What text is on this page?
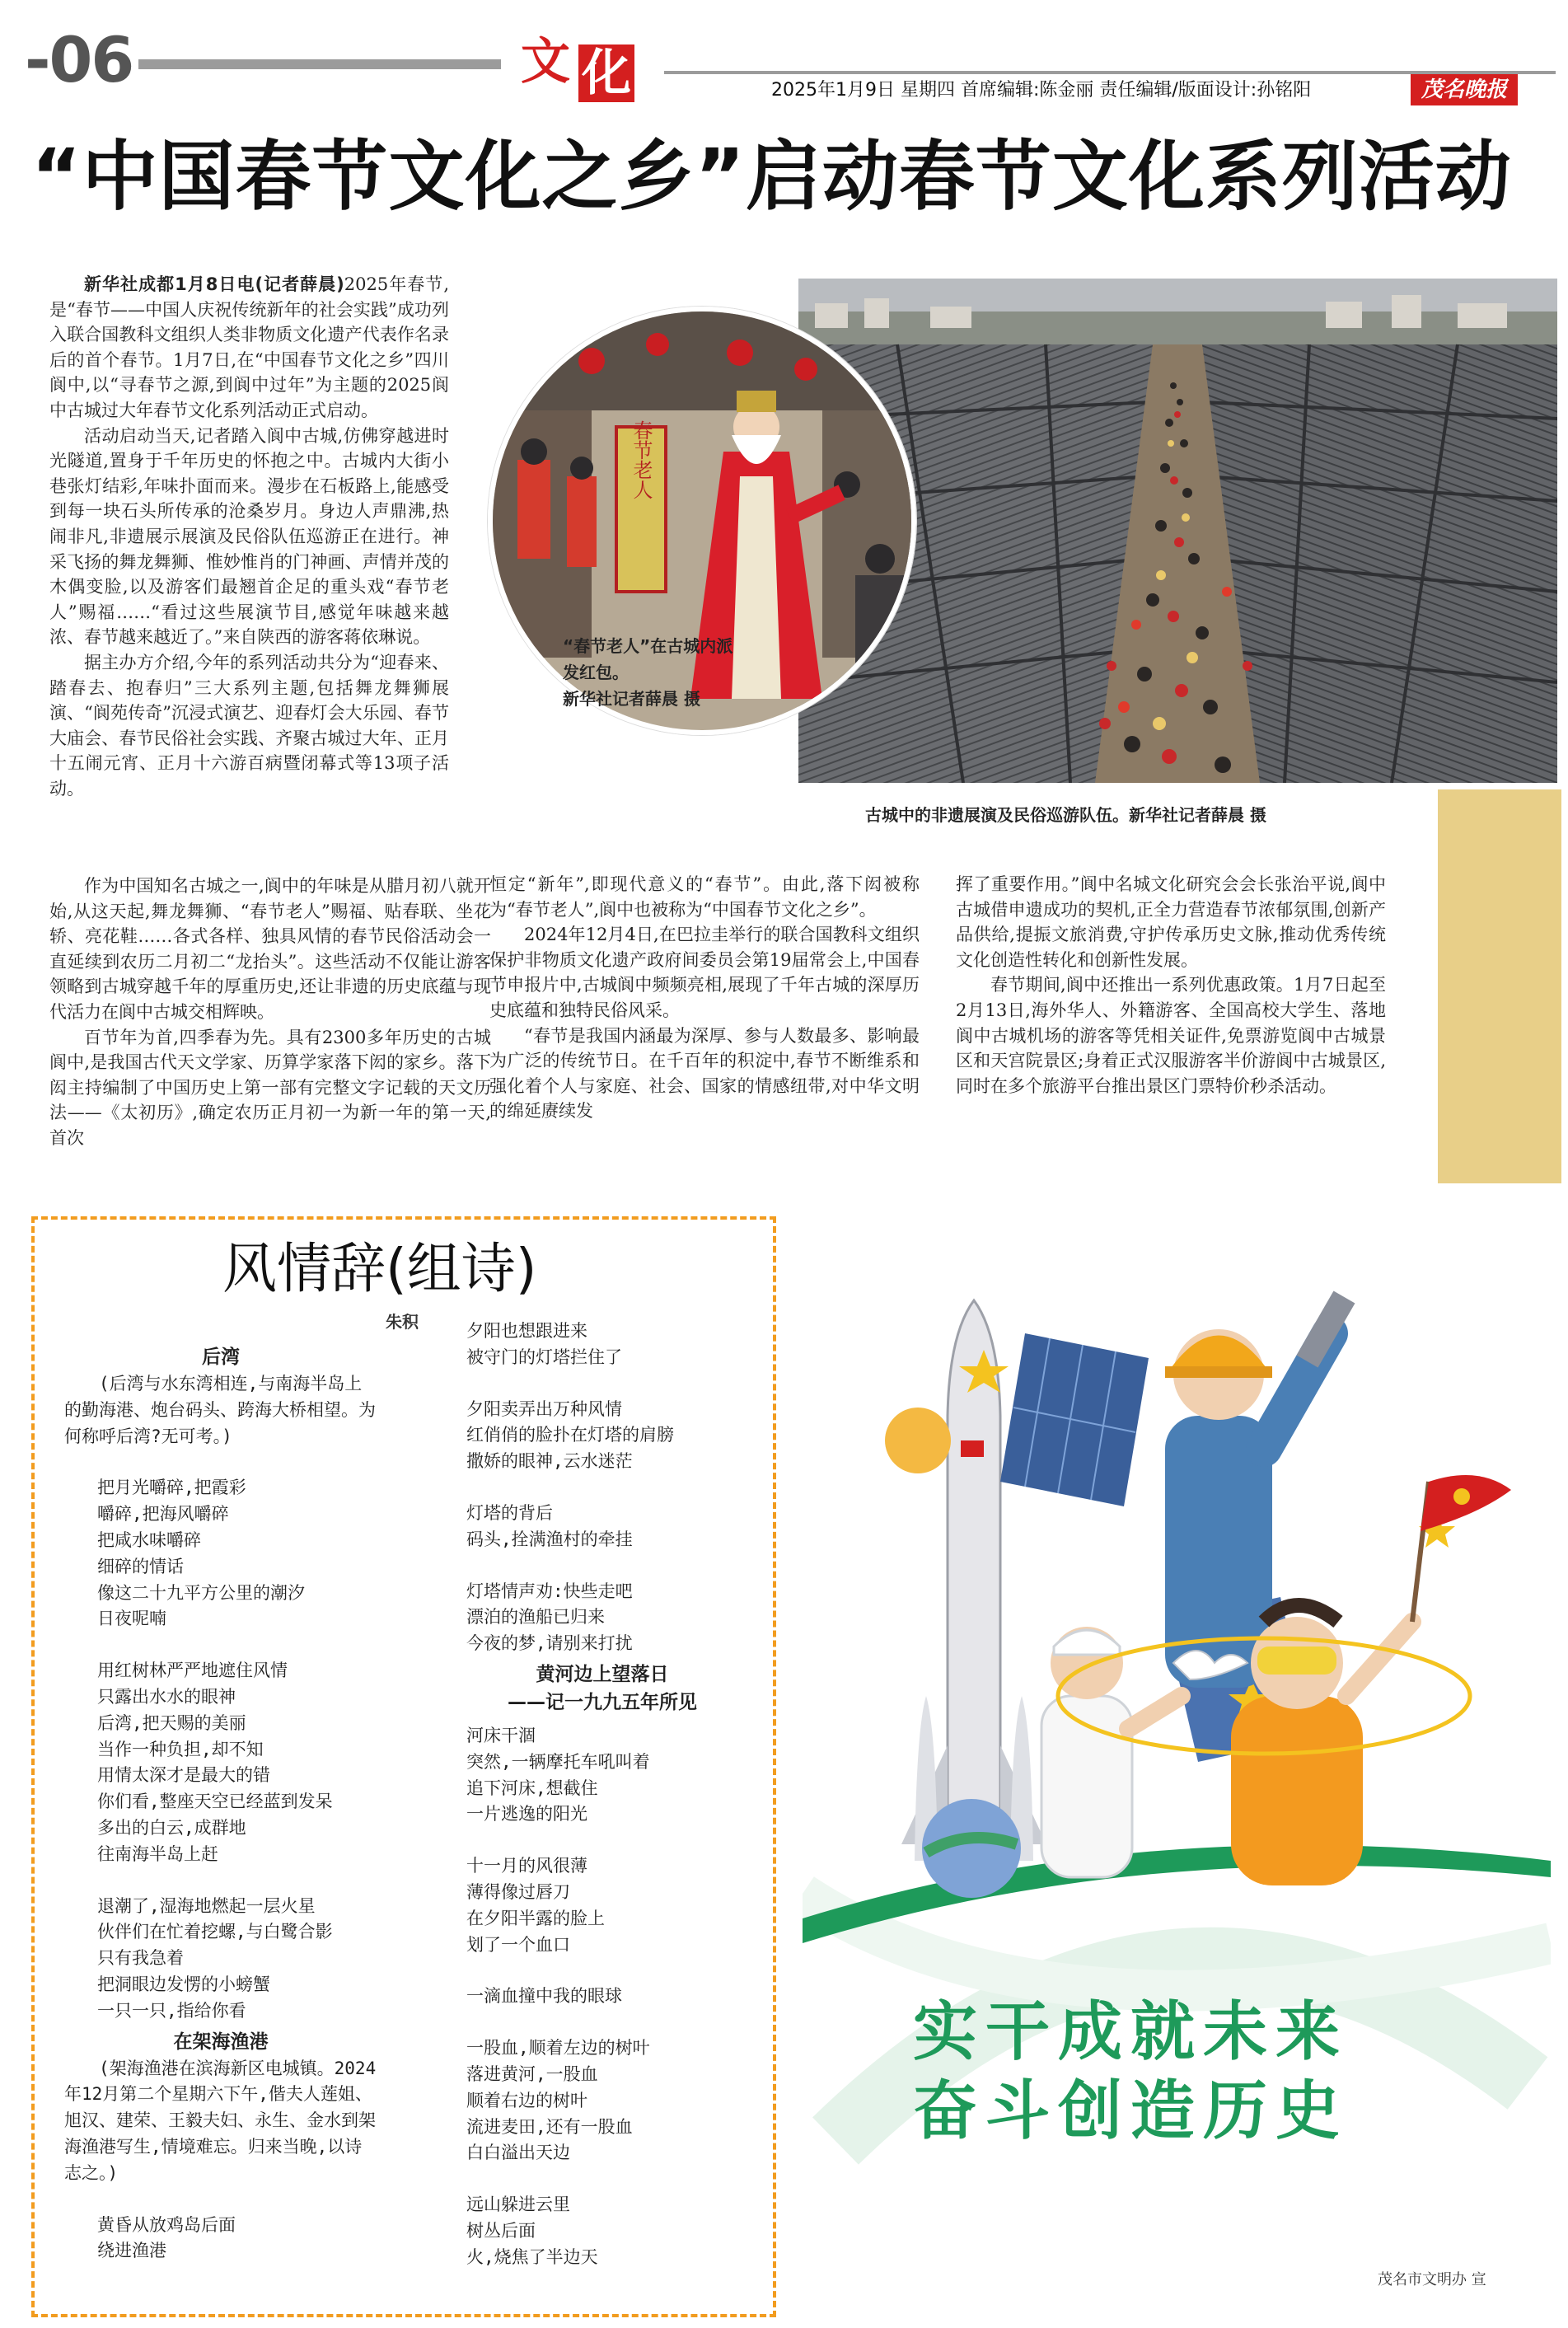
-06	文 化	2025年1月9日 星期四 首席编辑:陈金丽 责任编辑/版面设计:孙铭阳	茂名晚报
“中国春节文化之乡”启动春节文化系列活动
春节老人
“春节老人”在古城内派
发红包。
新华社记者薛晨 摄
古城中的非遗展演及民俗巡游队伍。新华社记者薛晨 摄

新华社成都1月8日电(记者薛晨)2025年春节,是“春节——中国人庆祝传统新年的社会实践”成功列入联合国教科文组织人类非物质文化遗产代表作名录后的首个春节。1月7日,在“中国春节文化之乡”四川阆中,以“寻春节之源,到阆中过年”为主题的2025阆中古城过大年春节文化系列活动正式启动。

活动启动当天,记者踏入阆中古城,仿佛穿越进时光隧道,置身于千年历史的怀抱之中。古城内大街小巷张灯结彩,年味扑面而来。漫步在石板路上,能感受到每一块石头所传承的沧桑岁月。身边人声鼎沸,热闹非凡,非遗展示展演及民俗队伍巡游正在进行。神采飞扬的舞龙舞狮、惟妙惟肖的门神画、声情并茂的木偶变脸,以及游客们最翘首企足的重头戏“春节老人”赐福……“看过这些展演节目,感觉年味越来越浓、春节越来越近了。”来自陕西的游客蒋依琳说。

据主办方介绍,今年的系列活动共分为“迎春来、踏春去、抱春归”三大系列主题,包括舞龙舞狮展演、“阆苑传奇”沉浸式演艺、迎春灯会大乐园、春节大庙会、春节民俗社会实践、齐聚古城过大年、正月十五闹元宵、正月十六游百病暨闭幕式等13项子活动。

作为中国知名古城之一,阆中的年味是从腊月初八就开始,从这天起,舞龙舞狮、“春节老人”赐福、贴春联、坐花轿、亮花鞋……各式各样、独具风情的春节民俗活动会一直延续到农历二月初二“龙抬头”。这些活动不仅能让游客领略到古城穿越千年的厚重历史,还让非遗的历史底蕴与现代活力在阆中古城交相辉映。

百节年为首,四季春为先。具有2300多年历史的古城阆中,是我国古代天文学家、历算学家落下闳的家乡。落下闳主持编制了中国历史上第一部有完整文字记载的天文历法——《太初历》,确定农历正月初一为新一年的第一天,首次

恒定“新年”,即现代意义的“春节”。由此,落下闳被称为“春节老人”,阆中也被称为“中国春节文化之乡”。

2024年12月4日,在巴拉圭举行的联合国教科文组织保护非物质文化遗产政府间委员会第19届常会上,中国春节申报片中,古城阆中频频亮相,展现了千年古城的深厚历史底蕴和独特民俗风采。

“春节是我国内涵最为深厚、参与人数最多、影响最为广泛的传统节日。在千百年的积淀中,春节不断维系和强化着个人与家庭、社会、国家的情感纽带,对中华文明的绵延赓续发

挥了重要作用。”阆中名城文化研究会会长张治平说,阆中古城借申遗成功的契机,正全力营造春节浓郁氛围,创新产品供给,提振文旅消费,守护传承历史文脉,推动优秀传统文化创造性转化和创新性发展。

春节期间,阆中还推出一系列优惠政策。1月7日起至2月13日,海外华人、外籍游客、全国高校大学生、落地阆中古城机场的游客等凭相关证件,免票游览阆中古城景区和天宫院景区;身着正式汉服游客半价游阆中古城景区,同时在多个旅游平台推出景区门票特价秒杀活动。

风情辞(组诗)
朱积
后湾
(后湾与水东湾相连,与南海半岛上的勤海港、炮台码头、跨海大桥相望。为何称呼后湾?无可考。)
把月光嚼碎,把霞彩
嚼碎,把海风嚼碎
把咸水味嚼碎
细碎的情话
像这二十九平方公里的潮汐
日夜呢喃
用红树林严严地遮住风情
只露出水水的眼神
后湾,把天赐的美丽
当作一种负担,却不知
用情太深才是最大的错
你们看,整座天空已经蓝到发呆
多出的白云,成群地
往南海半岛上赶
退潮了,湿海地燃起一层火星
伙伴们在忙着挖螺,与白鹭合影
只有我急着
把洞眼边发愣的小螃蟹
一只一只,指给你看
在架海渔港
(架海渔港在滨海新区电城镇。2024年12月第二个星期六下午,偕夫人莲姐、旭汉、建荣、王毅夫妇、永生、金水到架海渔港写生,情境难忘。归来当晚,以诗志之。)
黄昏从放鸡岛后面
绕进渔港
夕阳也想跟进来
被守门的灯塔拦住了
夕阳卖弄出万种风情
红俏俏的脸扑在灯塔的肩膀
撒娇的眼神,云水迷茫
灯塔的背后
码头,拴满渔村的牵挂
灯塔情声劝:快些走吧
漂泊的渔船已归来
今夜的梦,请别来打扰
黄河边上望落日
——记一九九五年所见
河床干涸
突然,一辆摩托车吼叫着
追下河床,想截住
一片逃逸的阳光
十一月的风很薄
薄得像过唇刀
在夕阳半露的脸上
划了一个血口
一滴血撞中我的眼球
一股血,顺着左边的树叶
落进黄河,一股血
顺着右边的树叶
流进麦田,还有一股血
白白溢出天边
远山躲进云里
树丛后面
火,烧焦了半边天
实干成就未来
奋斗创造历史
茂名市文明办 宣
